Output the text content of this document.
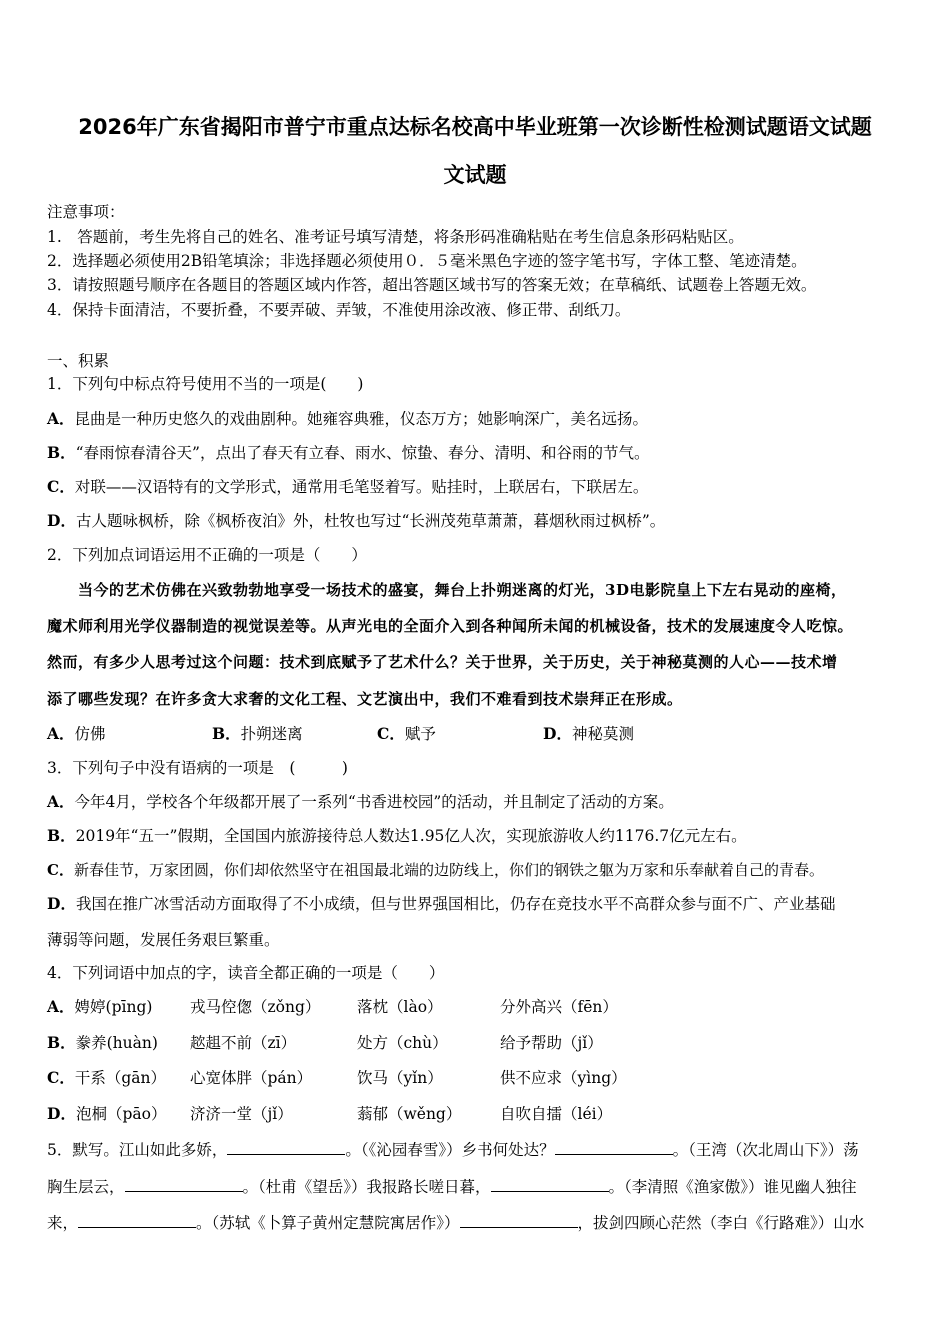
2026年广东省揭阳市普宁市重点达标名校高中毕业班第一次诊断性检测试题语文试题
文试题
注意事项：
1.　答题前，考生先将自己的姓名、准考证号填写清楚，将条形码准确粘贴在考生信息条形码粘贴区。
2．选择题必须使用2B铅笔填涂；非选择题必须使用０．５毫米黑色字迹的签字笔书写，字体工整、笔迹清楚。
3．请按照题号顺序在各题目的答题区域内作答，超出答题区域书写的答案无效；在草稿纸、试题卷上答题无效。
4．保持卡面清洁，不要折叠，不要弄破、弄皱，不准使用涂改液、修正带、刮纸刀。
一、积累
1．下列句中标点符号使用不当的一项是(　　)
A．昆曲是一种历史悠久的戏曲剧种。她雍容典雅，仪态万方；她影响深广，美名远扬。
B．“春雨惊春清谷天”，点出了春天有立春、雨水、惊蛰、春分、清明、和谷雨的节气。
C．对联——汉语特有的文学形式，通常用毛笔竖着写。贴挂时，上联居右，下联居左。
D．古人题咏枫桥，除《枫桥夜泊》外，杜牧也写过“长洲茂苑草萧萧，暮烟秋雨过枫桥”。
2．下列加点词语运用不正确的一项是（　　）
　　当今的艺术仿佛在兴致勃勃地享受一场技术的盛宴，舞台上扑朔迷离的灯光，3D电影院皇上下左右晃动的座椅，
魔术师利用光学仪器制造的视觉误差等。从声光电的全面介入到各种闻所未闻的机械设备，技术的发展速度令人吃惊。
然而，有多少人思考过这个问题：技术到底赋予了艺术什么？关于世界，关于历史，关于神秘莫测的人心——技术增
添了哪些发现？在许多贪大求奢的文化工程、文艺演出中，我们不难看到技术崇拜正在形成。
A．仿佛	B．扑朔迷离	C．赋予	D．神秘莫测
3．下列句子中没有语病的一项是　(　　　)
A．今年4月，学校各个年级都开展了一系列“书香进校园”的活动，并且制定了活动的方案。
B．2019年“五一”假期，全国国内旅游接待总人数达1.95亿人次，实现旅游收人约1176.7亿元左右。
C．新春佳节，万家团圆，你们却依然坚守在祖国最北端的边防线上，你们的钢铁之躯为万家和乐奉献着自己的青春。
D．我国在推广冰雪活动方面取得了不小成绩，但与世界强国相比，仍存在竞技水平不高群众参与面不广、产业基础
薄弱等问题，发展任务艰巨繁重。
4．下列词语中加点的字，读音全都正确的一项是（　　）
A．娉婷(pīng) 戎马倥偬（zǒng） 落枕（lào）	分外高兴（fēn）
B．豢养(huàn) 趑趄不前（zī）	处方（chù）	给予帮助（jǐ）
C．干系（gān） 心宽体胖（pán）	饮马（yǐn）	供不应求（yìng）
D．泡桐（pāo） 济济一堂（jǐ）	蓊郁（wěng） 自吹自擂（léi）
5．默写。江山如此多娇，	。（《沁园春雪》）乡书何处达？	。（王湾（次北周山下》）荡
胸生层云，	。（杜甫《望岳》）我报路长嗟日暮，	。（李清照《渔家傲》）谁见幽人独往
来，	。（苏轼《卜算子黄州定慧院寓居作》）	，拔剑四顾心茫然（李白《行路难》）山水
